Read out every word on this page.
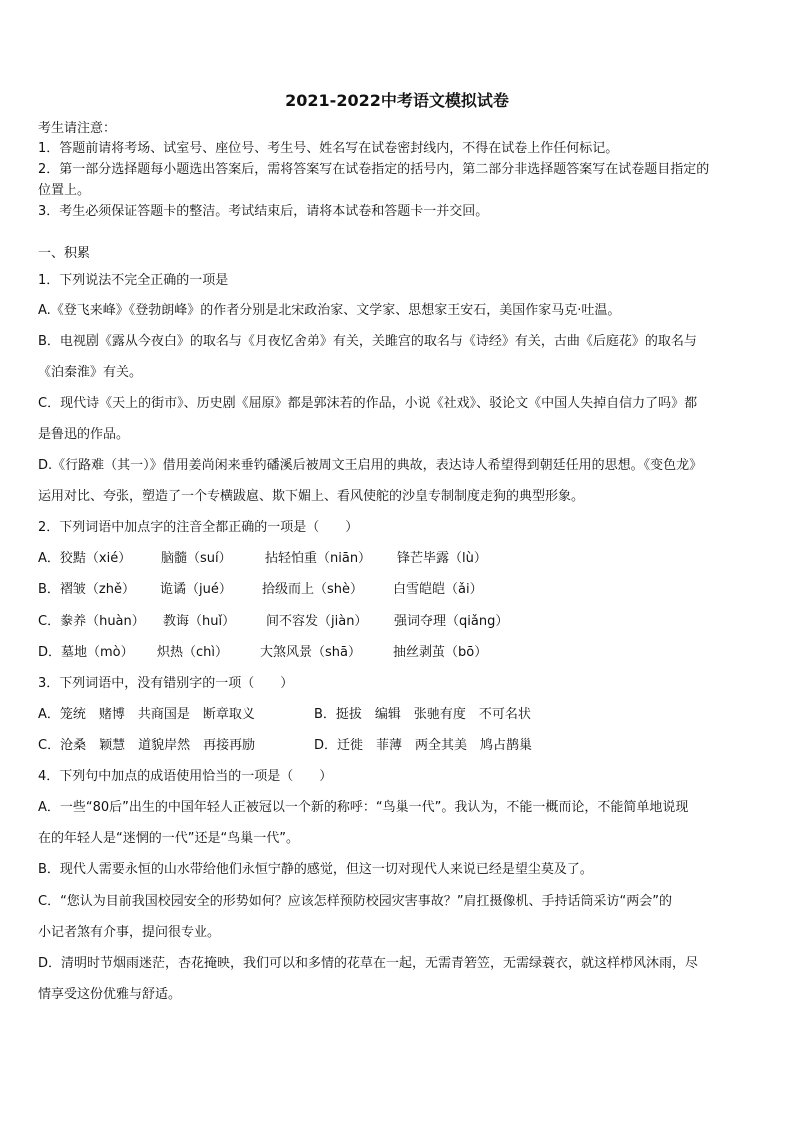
2021-2022中考语文模拟试卷
考生请注意：
1．答题前请将考场、试室号、座位号、考生号、姓名写在试卷密封线内，不得在试卷上作任何标记。
2．第一部分选择题每小题选出答案后，需将答案写在试卷指定的括号内，第二部分非选择题答案写在试卷题目指定的
位置上。
3．考生必须保证答题卡的整洁。考试结束后，请将本试卷和答题卡一并交回。
一、积累
1．下列说法不完全正确的一项是
A.《登飞来峰》《登勃朗峰》的作者分别是北宋政治家、文学家、思想家王安石，美国作家马克·吐温。
B．电视剧《露从今夜白》的取名与《月夜忆舍弟》有关，关雎宫的取名与《诗经》有关，古曲《后庭花》的取名与
《泊秦淮》有关。
C．现代诗《天上的街市》、历史剧《屈原》都是郭沫若的作品，小说《社戏》、驳论文《中国人失掉自信力了吗》都
是鲁迅的作品。
D.《行路难（其一）》借用姜尚闲来垂钓磻溪后被周文王启用的典故，表达诗人希望得到朝廷任用的思想。《变色龙》
运用对比、夸张，塑造了一个专横跋扈、欺下媚上、看风使舵的沙皇专制制度走狗的典型形象。
2．下列词语中加点字的注音全都正确的一项是（　　）
A．狡黠（xié） 脑髓（suí）	拈轻怕重（niān） 锋芒毕露（lù）
B．褶皱（zhě） 诡谲（jué） 拾级而上（shè） 白雪皑皑（ǎi）
C．豢养（huàn） 教诲（huǐ） 间不容发（jiàn） 强词夺理（qiǎng）
D．墓地（mò） 炽热（chì） 大煞风景（shā） 抽丝剥茧（bō）
3．下列词语中，没有错别字的一项（　　）
A．笼统　赌博　共商国是　断章取义	B．挺拔　编辑　张驰有度　不可名状
C．沧桑　颖慧　道貌岸然　再接再励	D．迁徙　菲薄　两全其美　鸠占鹊巢
4．下列句中加点的成语使用恰当的一项是（　　）
A．一些“80后”出生的中国年轻人正被冠以一个新的称呼：“鸟巢一代”。我认为，不能一概而论，不能简单地说现
在的年轻人是“迷惘的一代”还是“鸟巢一代”。
B．现代人需要永恒的山水带给他们永恒宁静的感觉，但这一切对现代人来说已经是望尘莫及了。
C．“您认为目前我国校园安全的形势如何？应该怎样预防校园灾害事故？”肩扛摄像机、手持话筒采访“两会”的
小记者煞有介事，提问很专业。
D．清明时节烟雨迷茫，杏花掩映，我们可以和多情的花草在一起，无需青箬笠，无需绿蓑衣，就这样栉风沐雨，尽
情享受这份优雅与舒适。
